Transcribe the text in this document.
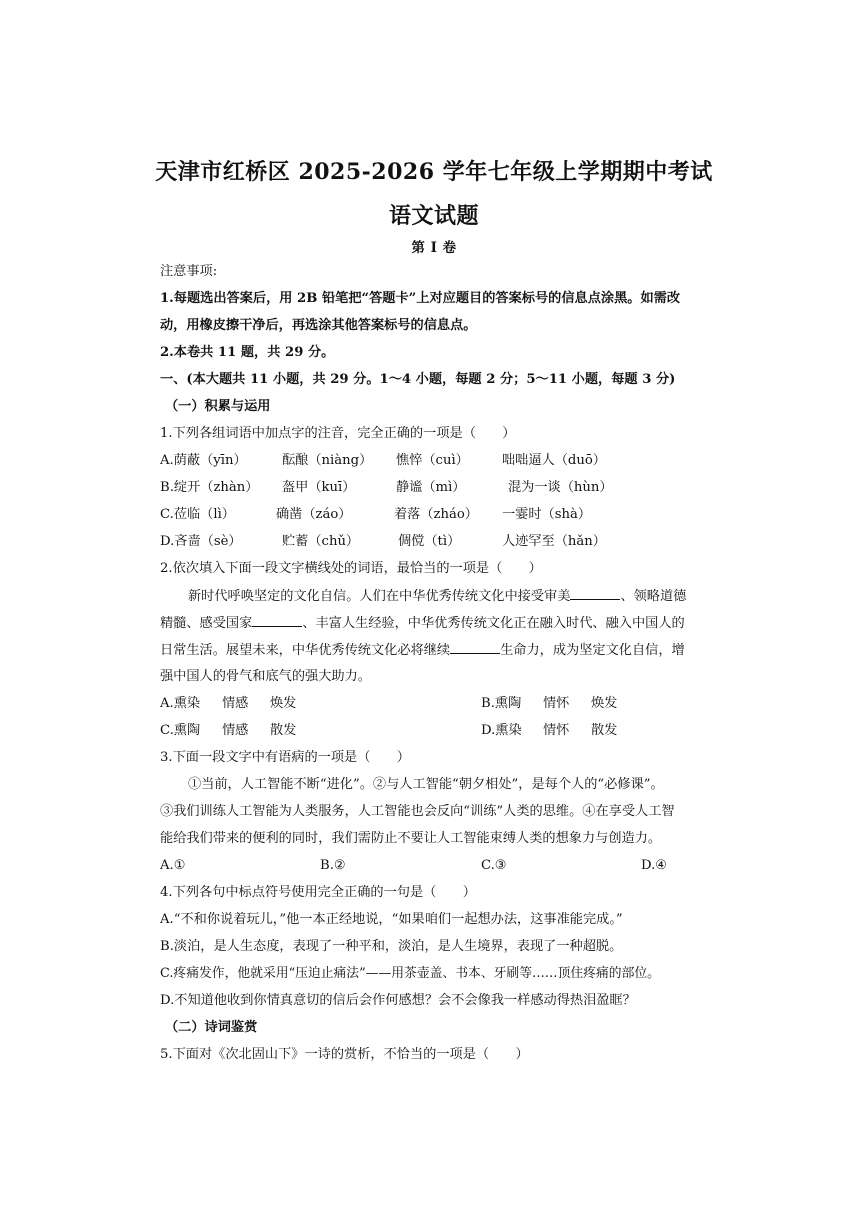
天津市红桥区 2025-2026 学年七年级上学期期中考试
语文试题
第 I 卷
注意事项:
1.每题选出答案后，用 2B 铅笔把“答题卡”上对应题目的答案标号的信息点涂黑。如需改
动，用橡皮擦干净后，再选涂其他答案标号的信息点。
2.本卷共 11 题，共 29 分。
一、(本大题共 11 小题，共 29 分。1～4 小题，每题 2 分；5～11 小题，每题 3 分)
（一）积累与运用
1.下列各组词语中加点字的注音，完全正确的一项是（　　）
A.荫蔽（yīn）	酝酿（niàng） 憔悴（cuì）	咄咄逼人（duō）
B.绽开（zhàn） 盔甲（kuī）	静谧（mì）	混为一谈（hùn）
C.莅临（lì）	确凿（záo）	着落（zháo） 一霎时（shà）
D.吝啬（sè）	贮蓄（chǔ）	倜傥（tì）	人迹罕至（hǎn）
2.依次填入下面一段文字横线处的词语，最恰当的一项是（　　）
新时代呼唤坚定的文化自信。人们在中华优秀传统文化中接受审美	、领略道德
精髓、感受国家	、丰富人生经验，中华优秀传统文化正在融入时代、融入中国人的
日常生活。展望未来，中华优秀传统文化必将继续	生命力，成为坚定文化自信，增
强中国人的骨气和底气的强大助力。
A.熏染 情感 焕发	B.熏陶 情怀 焕发
C.熏陶 情感 散发	D.熏染 情怀 散发
3.下面一段文字中有语病的一项是（　　）
①当前，人工智能不断“进化”。②与人工智能“朝夕相处”，是每个人的“必修课”。
③我们训练人工智能为人类服务，人工智能也会反向“训练”人类的思维。④在享受人工智
能给我们带来的便利的同时，我们需防止不要让人工智能束缚人类的想象力与创造力。
A.①	B.②	C.③	D.④
4.下列各句中标点符号使用完全正确的一句是（　　）
A.“不和你说着玩儿，”他一本正经地说，“如果咱们一起想办法，这事准能完成。”
B.淡泊，是人生态度，表现了一种平和，淡泊，是人生境界，表现了一种超脱。
C.疼痛发作，他就采用“压迫止痛法”——用茶壶盖、书本、牙刷等……顶住疼痛的部位。
D.不知道他收到你情真意切的信后会作何感想？会不会像我一样感动得热泪盈眶？
（二）诗词鉴赏
5.下面对《次北固山下》一诗的赏析，不恰当的一项是（　　）
